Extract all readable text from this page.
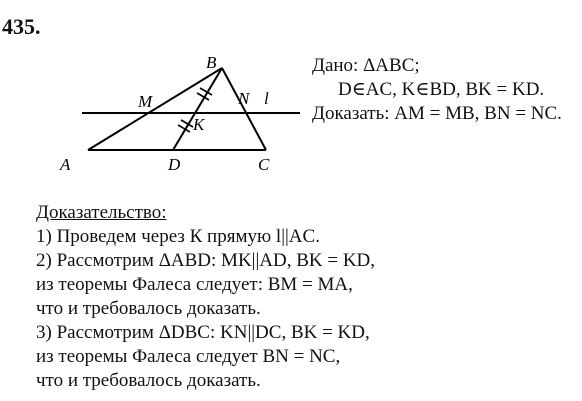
435.
B
M	N l
K
A	D	C
Дано: ΔABC;
D∈AC, K∈BD, BK = KD.
Доказать: AM = MB, BN = NC.
Доказательство:
1) Проведем через К прямую l||AC.
2) Рассмотрим ΔABD: MK||AD, BK = KD,
из теоремы Фалеса следует: BM = MA,
что и требовалось доказать.
3) Рассмотрим ΔDBC: KN||DC, BK = KD,
из теоремы Фалеса следует BN = NC,
что и требовалось доказать.
